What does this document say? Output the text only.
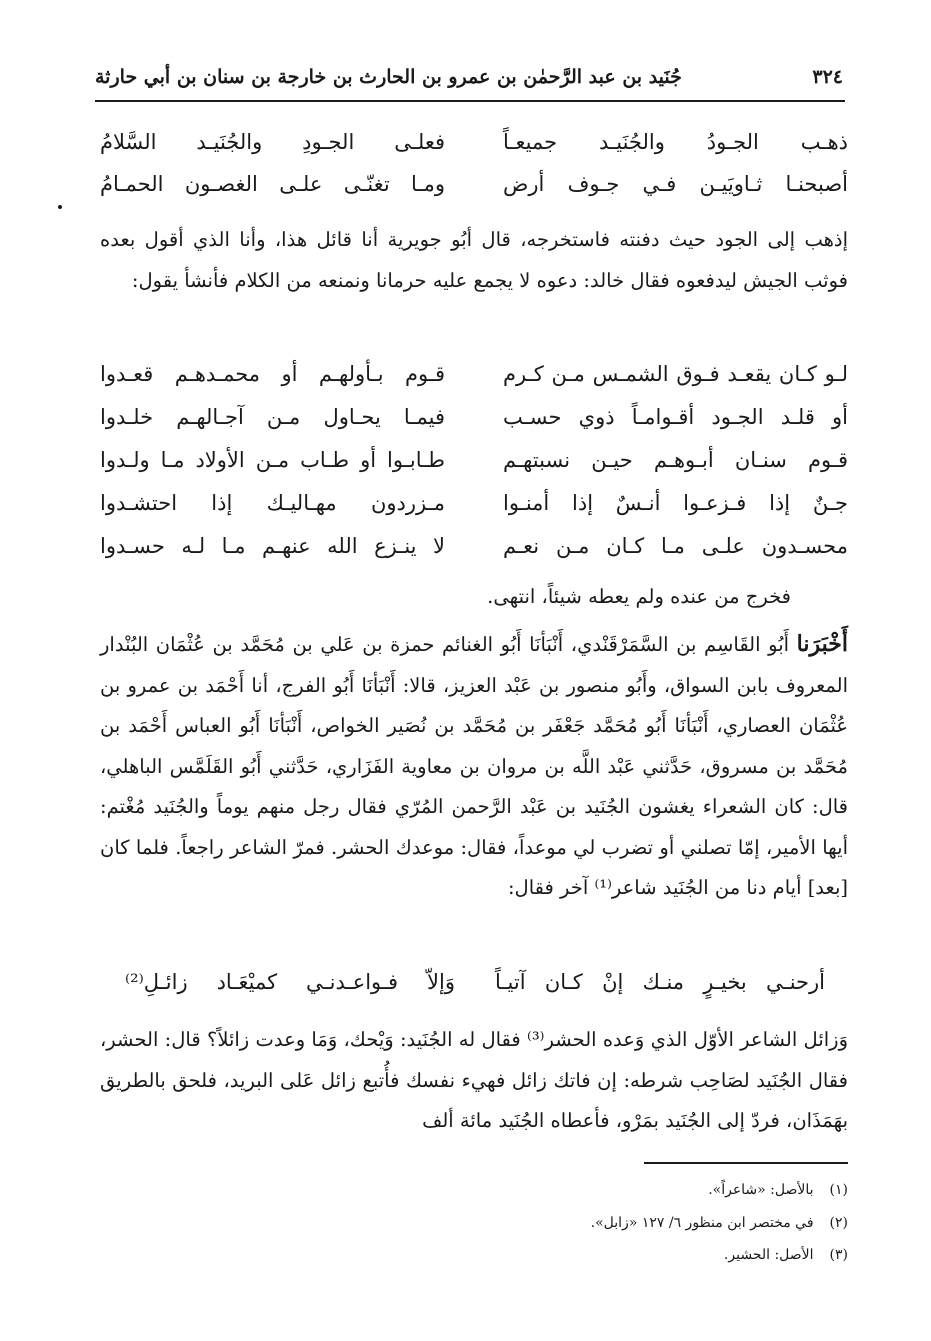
٣٢٤
جُنَيد بن عبد الرَّحمٰن بن عمرو بن الحارث بن خارجة بن سنان بن أبي حارثة
ذهـب الجـودُ والجُنَيـد جميعـاً
فعلـى الجـودِ والجُنَيـد السَّلامُ
أصبحنـا ثـاويَيـن فـي جـوف أرض
ومـا تغنّـى علـى الغصـون الحمـامُ
إذهب إلى الجود حيث دفنته فاستخرجه، قال أبُو جويرية أنا قائل هذا، وأنا الذي أقول بعده فوثب الجيش ليدفعوه فقال خالد: دعوه لا يجمع عليه حرمانا ونمنعه من الكلام فأنشأ يقول:
لـو كـان يقعـد فـوق الشمـس مـن كـرم
قـوم بـأولهـم أو محمـدهـم قعـدوا
أو قلـد الجـود أقـوامـاً ذوي حسـب
فيمـا يحـاول مـن آجـالهـم خلـدوا
قـوم سنـان أبـوهـم حيـن نسبتهـم
طـابـوا أو طـاب مـن الأولاد مـا ولـدوا
جـنٌ إذا فـزعـوا أنـسٌ إذا أمنـوا
مـزردون مهـاليـك إذا احتشـدوا
محسـدون علـى مـا كـان مـن نعـم
لا ينـزع الله عنهـم مـا لـه حسـدوا
فخرج من عنده ولم يعطه شيئاً، انتهى.
أَخْبَرَنا أَبُو القَاسِم بن السَّمَرْقَنْدي، أَنْبَأنَا أَبُو الغنائم حمزة بن عَلي بن مُحَمَّد بن عُثْمَان البُنْدار المعروف بابن السواق، وأَبُو منصور بن عَبْد العزيز، قالا: أَنْبَأنَا أَبُو الفرج، أنا أَحْمَد بن عمرو بن عُثْمَان العصاري، أَنْبَأنَا أَبُو مُحَمَّد جَعْفَر بن مُحَمَّد بن نُصَير الخواص، أَنْبَأنَا أَبُو العباس أَحْمَد بن مُحَمَّد بن مسروق، حَدَّثني عَبْد اللَّه بن مروان بن معاوية الفَزَاري، حَدَّثني أَبُو القَلَمَّس الباهلي، قال: كان الشعراء يغشون الجُنَيد بن عَبْد الرَّحمن المُرّي فقال رجل منهم يوماً والجُنَيد مُغْتم: أيها الأمير، إمّا تصلني أو تضرب لي موعداً، فقال: موعدك الحشر. فمرّ الشاعر راجعاً. فلما كان [بعد] أيام دنا من الجُنَيد شاعر⁽¹⁾ آخر فقال:
أرحنـي بخيـرٍ منـك إنْ كـان آتيـاً
وَإلاّ فـواعـدنـي كميْعَـاد زائـلِ⁽²⁾
وَزائل الشاعر الأوّل الذي وَعده الحشر⁽³⁾ فقال له الجُنَيد: وَيْحك، وَمَا وعدت زائلاً؟ قال: الحشر، فقال الجُنَيد لصَاحِب شرطه: إن فاتك زائل فهيء نفسك فأُتبع زائل عَلى البريد، فلحق بالطريق بهَمَذَان، فردّ إلى الجُنَيد بمَرْو، فأعطاه الجُنَيد مائة ألف
(١) بالأصل: «شاعراً».
(٢) في مختصر ابن منظور ٦/ ١٢٧ «زابل».
(٣) الأصل: الحشير.
